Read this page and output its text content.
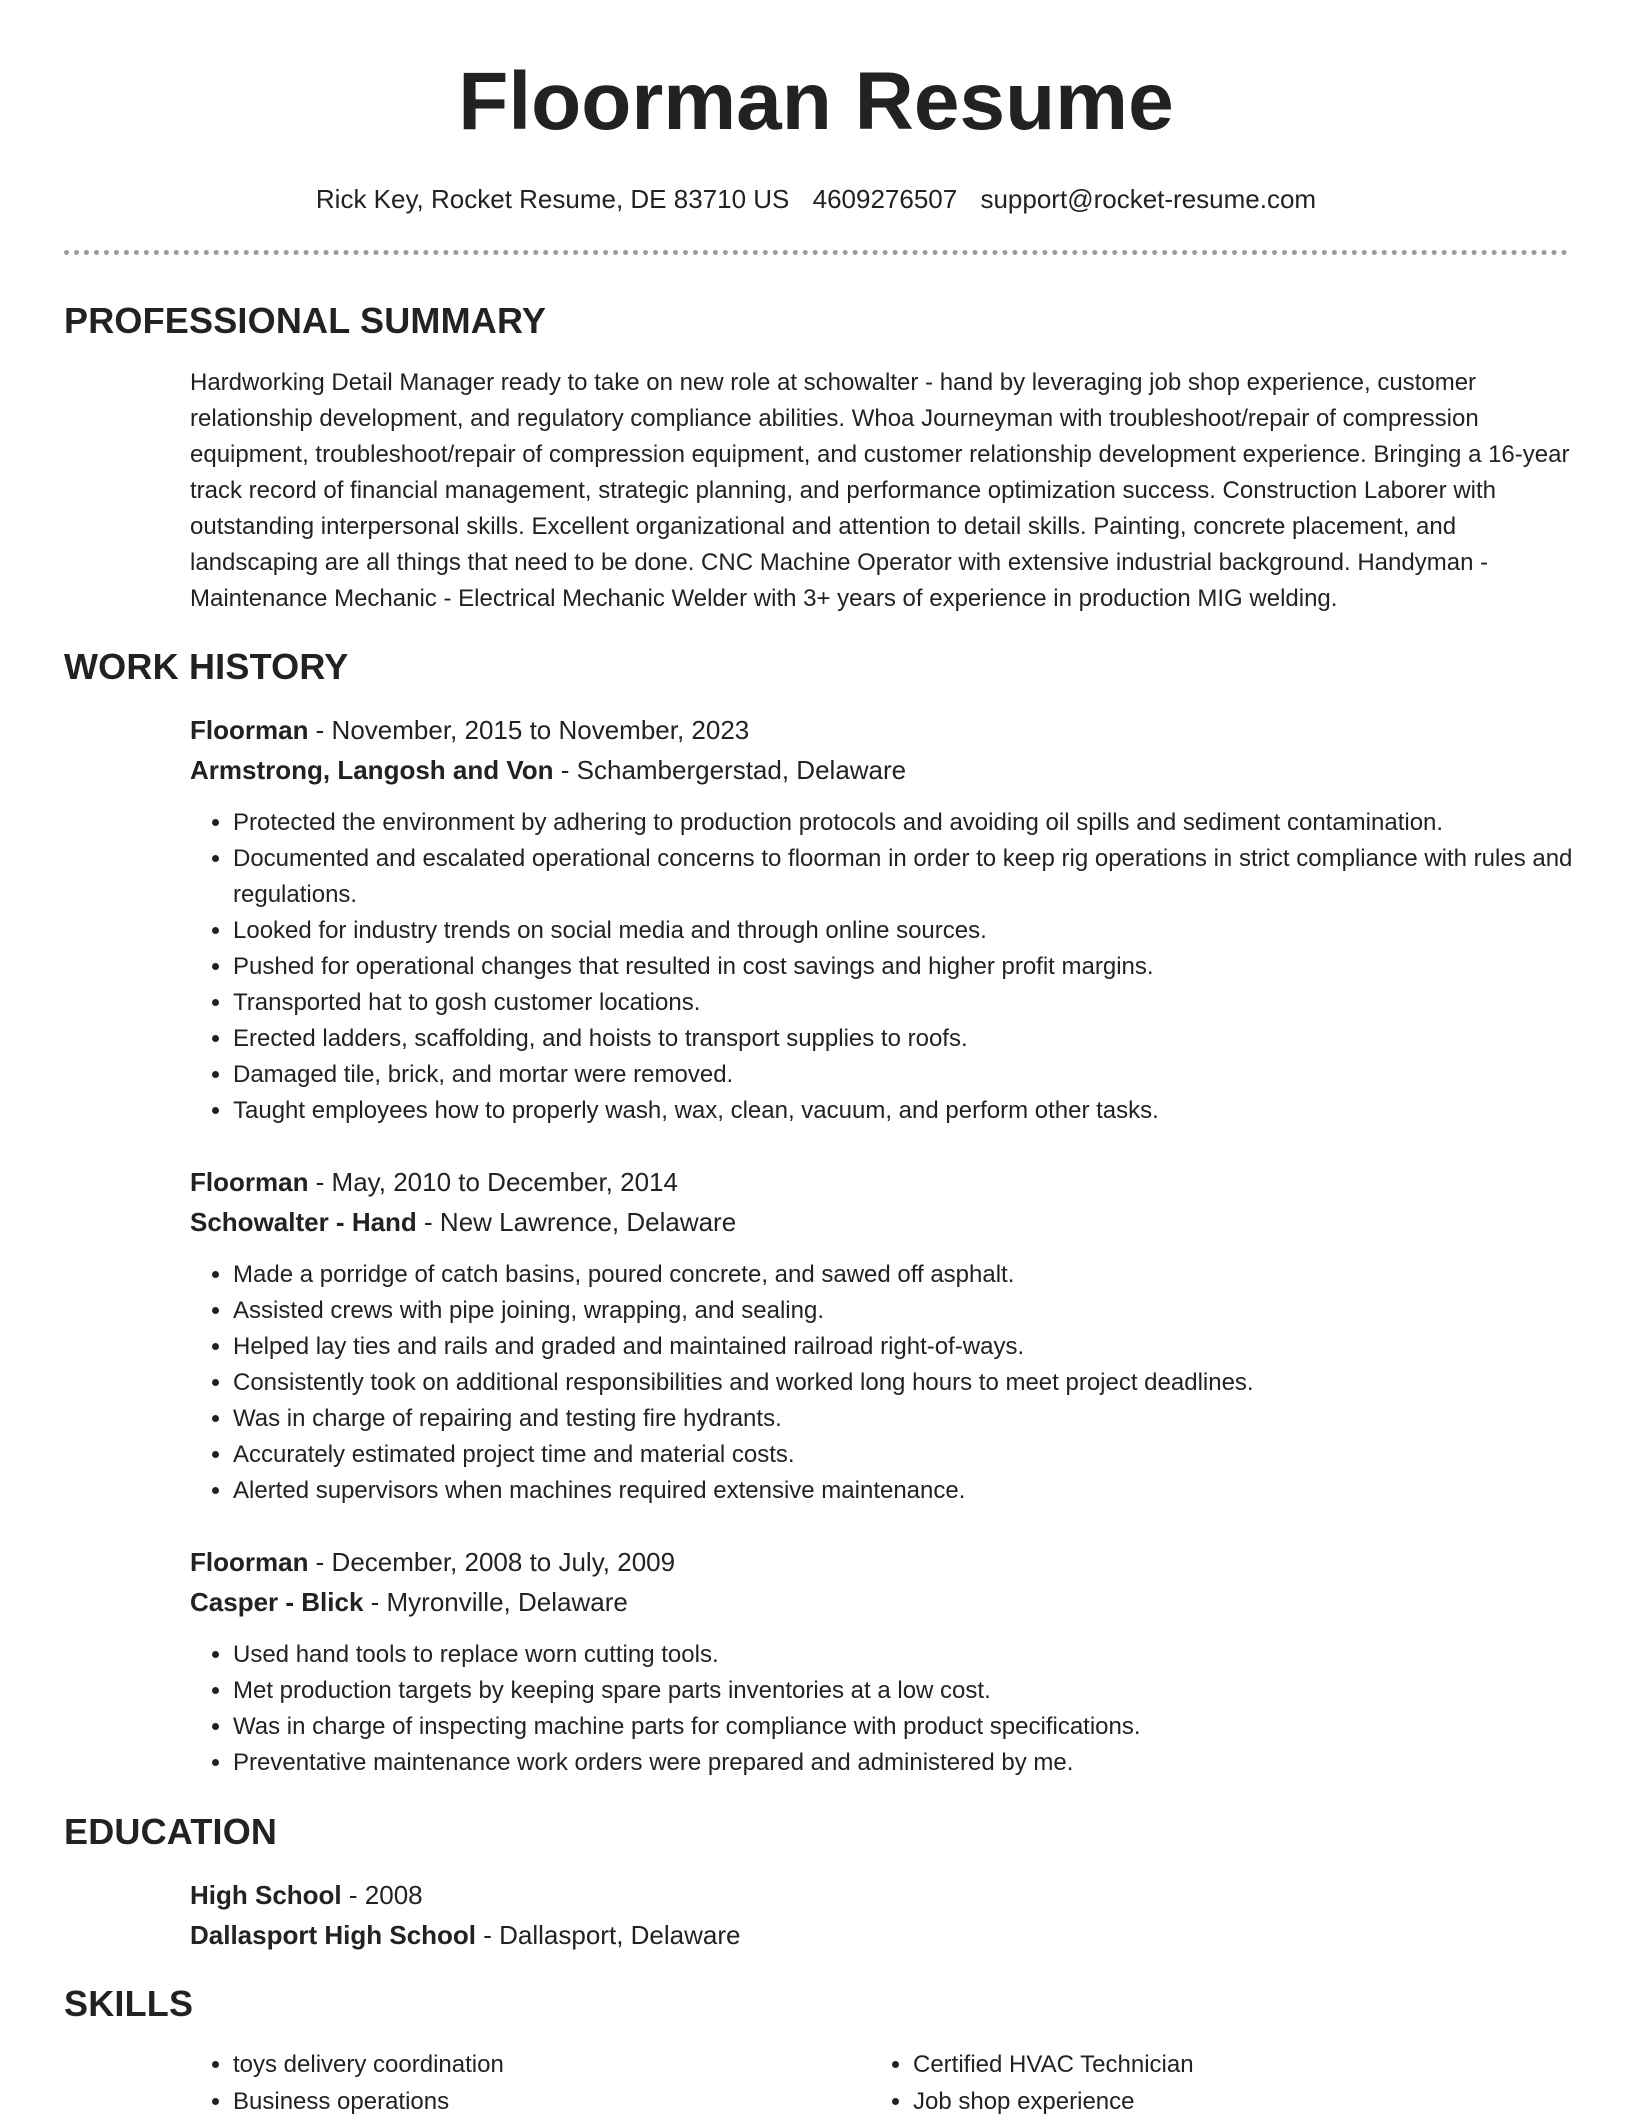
Floorman Resume
Rick Key, Rocket Resume, DE 83710 US 4609276507 support@rocket-resume.com
PROFESSIONAL SUMMARY

Hardworking Detail Manager ready to take on new role at schowalter - hand by leveraging job shop experience, customer relationship development, and regulatory compliance abilities. Whoa Journeyman with troubleshoot/repair of compression equipment, troubleshoot/repair of compression equipment, and customer relationship development experience. Bringing a 16-year track record of financial management, strategic planning, and performance optimization success. Construction Laborer with outstanding interpersonal skills. Excellent organizational and attention to detail skills. Painting, concrete placement, and landscaping are all things that need to be done. CNC Machine Operator with extensive industrial background. Handyman - Maintenance Mechanic - Electrical Mechanic Welder with 3+ years of experience in production MIG welding.

WORK HISTORY
Floorman - November, 2015 to November, 2023
Armstrong, Langosh and Von - Schambergerstad, Delaware
• Protected the environment by adhering to production protocols and avoiding oil spills and sediment contamination.
• Documented and escalated operational concerns to floorman in order to keep rig operations in strict compliance with rules and regulations.
• Looked for industry trends on social media and through online sources.
• Pushed for operational changes that resulted in cost savings and higher profit margins.
• Transported hat to gosh customer locations.
• Erected ladders, scaffolding, and hoists to transport supplies to roofs.
• Damaged tile, brick, and mortar were removed.
• Taught employees how to properly wash, wax, clean, vacuum, and perform other tasks.
Floorman - May, 2010 to December, 2014
Schowalter - Hand - New Lawrence, Delaware
• Made a porridge of catch basins, poured concrete, and sawed off asphalt.
• Assisted crews with pipe joining, wrapping, and sealing.
• Helped lay ties and rails and graded and maintained railroad right-of-ways.
• Consistently took on additional responsibilities and worked long hours to meet project deadlines.
• Was in charge of repairing and testing fire hydrants.
• Accurately estimated project time and material costs.
• Alerted supervisors when machines required extensive maintenance.
Floorman - December, 2008 to July, 2009
Casper - Blick - Myronville, Delaware
• Used hand tools to replace worn cutting tools.
• Met production targets by keeping spare parts inventories at a low cost.
• Was in charge of inspecting machine parts for compliance with product specifications.
• Preventative maintenance work orders were prepared and administered by me.
EDUCATION
High School - 2008
Dallasport High School - Dallasport, Delaware
SKILLS
• toys delivery coordination
• Business operations
• Certified HVAC Technician
• Job shop experience
